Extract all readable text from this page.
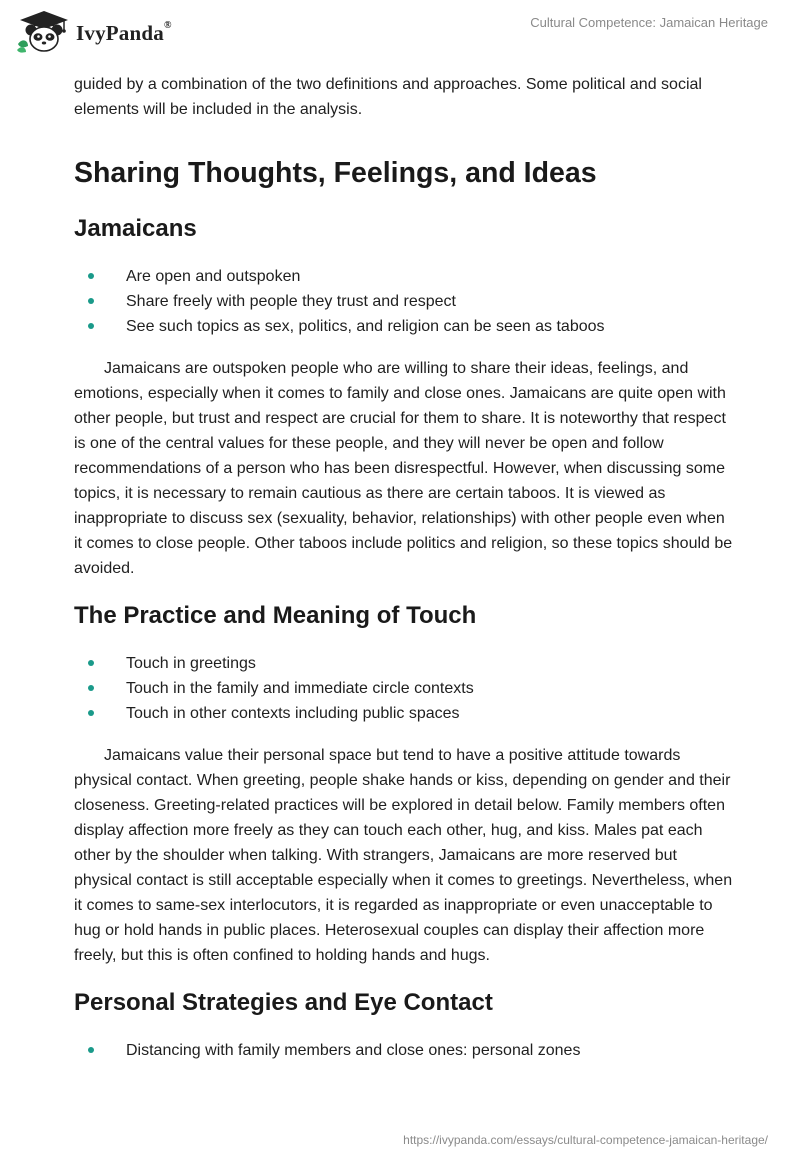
IvyPanda®	Cultural Competence: Jamaican Heritage

guided by a combination of the two definitions and approaches. Some political and social elements will be included in the analysis.

Sharing Thoughts, Feelings, and Ideas
Jamaicans
Are open and outspoken
Share freely with people they trust and respect
See such topics as sex, politics, and religion can be seen as taboos

Jamaicans are outspoken people who are willing to share their ideas, feelings, and emotions, especially when it comes to family and close ones. Jamaicans are quite open with other people, but trust and respect are crucial for them to share. It is noteworthy that respect is one of the central values for these people, and they will never be open and follow recommendations of a person who has been disrespectful. However, when discussing some topics, it is necessary to remain cautious as there are certain taboos. It is viewed as inappropriate to discuss sex (sexuality, behavior, relationships) with other people even when it comes to close people. Other taboos include politics and religion, so these topics should be avoided.

The Practice and Meaning of Touch
Touch in greetings
Touch in the family and immediate circle contexts
Touch in other contexts including public spaces

Jamaicans value their personal space but tend to have a positive attitude towards physical contact. When greeting, people shake hands or kiss, depending on gender and their closeness. Greeting-related practices will be explored in detail below. Family members often display affection more freely as they can touch each other, hug, and kiss. Males pat each other by the shoulder when talking. With strangers, Jamaicans are more reserved but physical contact is still acceptable especially when it comes to greetings. Nevertheless, when it comes to same-sex interlocutors, it is regarded as inappropriate or even unacceptable to hug or hold hands in public places. Heterosexual couples can display their affection more freely, but this is often confined to holding hands and hugs.

Personal Strategies and Eye Contact
Distancing with family members and close ones: personal zones
https://ivypanda.com/essays/cultural-competence-jamaican-heritage/
